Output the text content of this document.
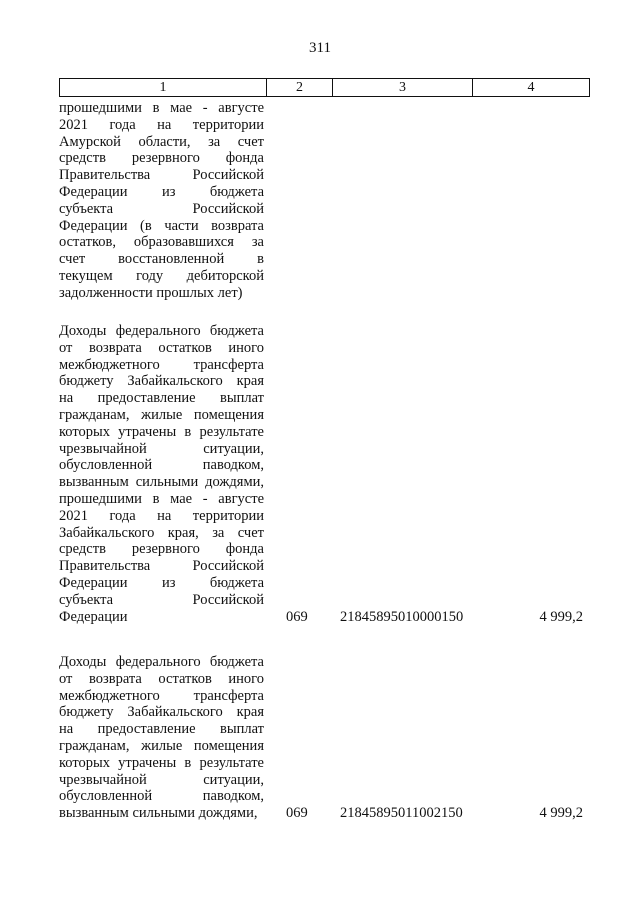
311
1	2	3	4
прошедшими в мае - августе
2021 года на территории
Амурской области, за счет
средств резервного фонда
Правительства Российской
Федерации из бюджета
субъекта Российской
Федерации (в части возврата
остатков, образовавшихся за
счет восстановленной в
текущем году дебиторской
задолженности прошлых лет)
Доходы федерального бюджета
от возврата остатков иного
межбюджетного трансферта
бюджету Забайкальского края
на предоставление выплат
гражданам, жилые помещения
которых утрачены в результате
чрезвычайной ситуации,
обусловленной паводком,
вызванным сильными дождями,
прошедшими в мае - августе
2021 года на территории
Забайкальского края, за счет
средств резервного фонда
Правительства Российской
Федерации из бюджета
субъекта Российской
Федерации	069 21845895010000150	4 999,2
Доходы федерального бюджета
от возврата остатков иного
межбюджетного трансферта
бюджету Забайкальского края
на предоставление выплат
гражданам, жилые помещения
которых утрачены в результате
чрезвычайной ситуации,
обусловленной паводком,
вызванным сильными дождями,	069 21845895011002150	4 999,2
